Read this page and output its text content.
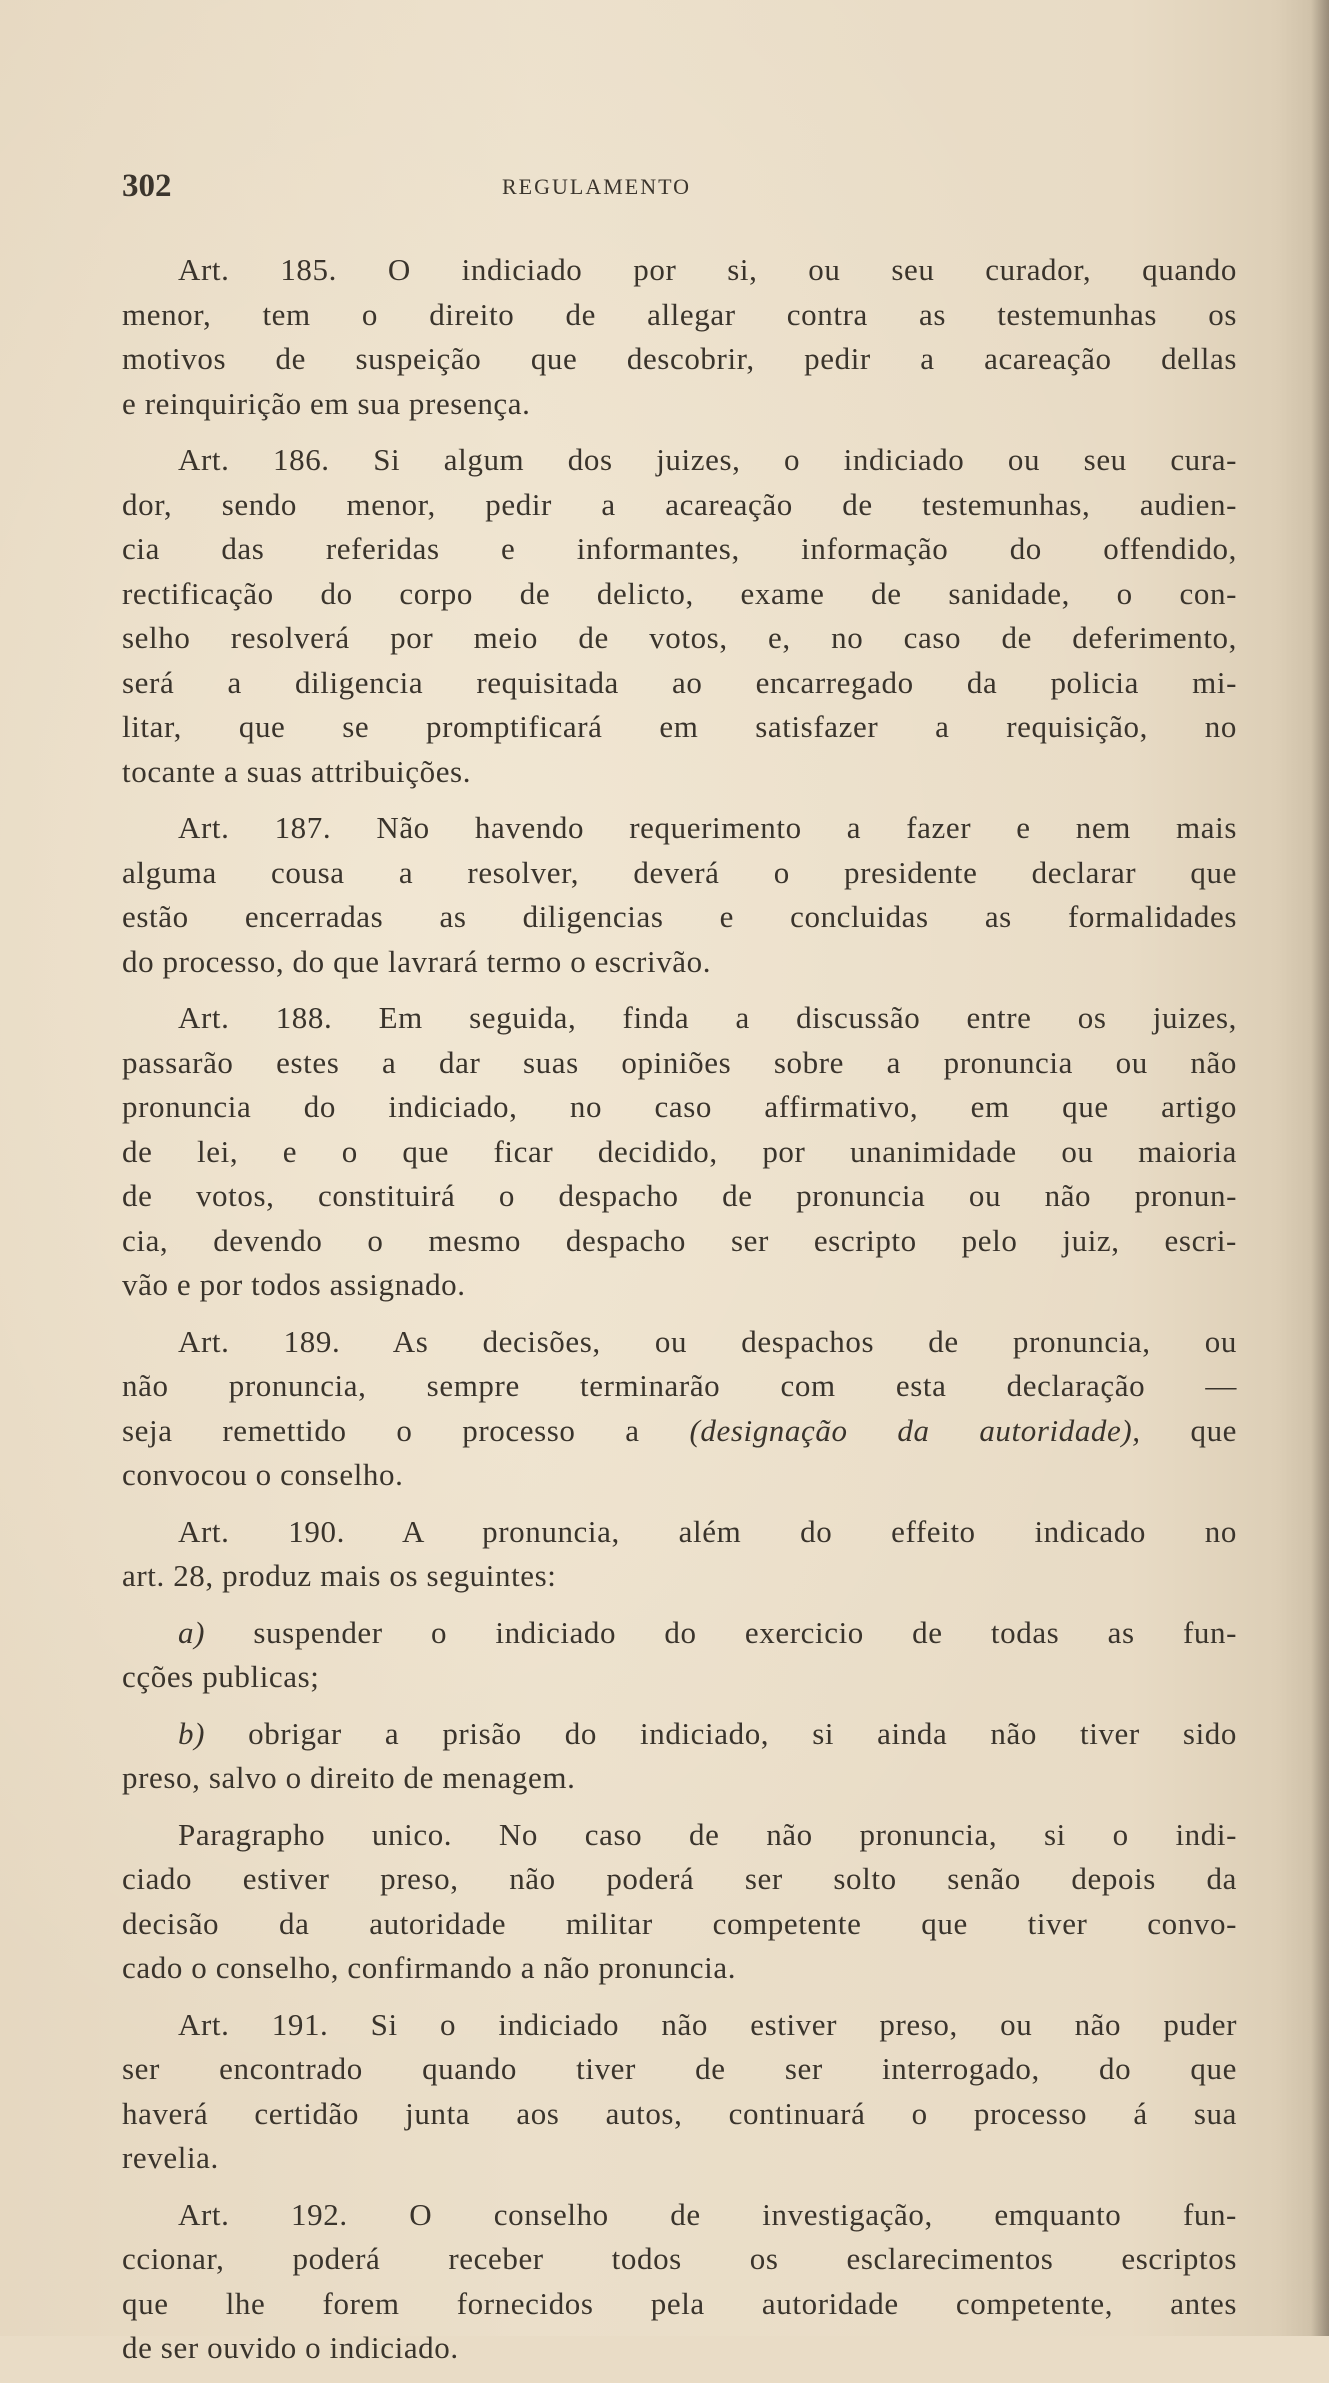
302	REGULAMENTO
Art. 185. O indiciado por si, ou seu curador, quando
menor, tem o direito de allegar contra as testemunhas os
motivos de suspeição que descobrir, pedir a acareação dellas
e reinquirição em sua presença.
Art. 186. Si algum dos juizes, o indiciado ou seu cura-
dor, sendo menor, pedir a acareação de testemunhas, audien-
cia das referidas e informantes, informação do offendido,
rectificação do corpo de delicto, exame de sanidade, o con-
selho resolverá por meio de votos, e, no caso de deferimento,
será a diligencia requisitada ao encarregado da policia mi-
litar, que se promptificará em satisfazer a requisição, no
tocante a suas attribuições.
Art. 187. Não havendo requerimento a fazer e nem mais
alguma cousa a resolver, deverá o presidente declarar que
estão encerradas as diligencias e concluidas as formalidades
do processo, do que lavrará termo o escrivão.
Art. 188. Em seguida, finda a discussão entre os juizes,
passarão estes a dar suas opiniões sobre a pronuncia ou não
pronuncia do indiciado, no caso affirmativo, em que artigo
de lei, e o que ficar decidido, por unanimidade ou maioria
de votos, constituirá o despacho de pronuncia ou não pronun-
cia, devendo o mesmo despacho ser escripto pelo juiz, escri-
vão e por todos assignado.
Art. 189. As decisões, ou despachos de pronuncia, ou
não pronuncia, sempre terminarão com esta declaração —
seja remettido o processo a (designação da autoridade), que
convocou o conselho.
Art. 190. A pronuncia, além do effeito indicado no
art. 28, produz mais os seguintes:
a) suspender o indiciado do exercicio de todas as fun-
cções publicas;
b) obrigar a prisão do indiciado, si ainda não tiver sido
preso, salvo o direito de menagem.
Paragrapho unico. No caso de não pronuncia, si o indi-
ciado estiver preso, não poderá ser solto senão depois da
decisão da autoridade militar competente que tiver convo-
cado o conselho, confirmando a não pronuncia.
Art. 191. Si o indiciado não estiver preso, ou não puder
ser encontrado quando tiver de ser interrogado, do que
haverá certidão junta aos autos, continuará o processo á sua
revelia.
Art. 192. O conselho de investigação, emquanto fun-
ccionar, poderá receber todos os esclarecimentos escriptos
que lhe forem fornecidos pela autoridade competente, antes
de ser ouvido o indiciado.
